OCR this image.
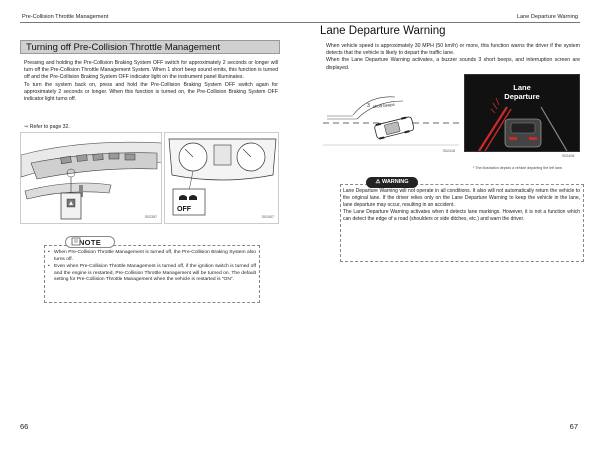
Pre-Collision Throttle Management
Turning off Pre-Collision Throttle Management
Pressing and holding the Pre-Collision Braking System OFF switch for approximately 2 seconds or longer will turn off the Pre-Collision Throttle Management System. When 1 short beep sound emits, this function is turned off and the Pre-Collision Braking System OFF indicator light on the instrument panel illuminates.
To turn the system back on, press and hold the Pre-Collision Braking System OFF switch again for approximately 2 seconds or longer. When this function is turned on, the Pre-Collision Braking System OFF indicator light turns off.
⇒ Refer to page 32.
S02357
OFF
S02407
NOTE
• When Pre-Collision Throttle Management is turned off, the Pre-Collision Braking System also turns off.
• Even when Pre-Collision Throttle Management is turned off, if the ignition switch is turned off and the engine is restarted, Pre-Collision Throttle Management will be turned on. The default setting for Pre-Collision Throttle Management when the vehicle is restarted is “ON”.
66
Lane Departure Warning
Lane Departure Warning
When vehicle speed is approximately 30 MPH (50 km/h) or more, this function warns the driver if the system detects that the vehicle is likely to depart the traffic lane.
When the Lane Departure Warning activates, a buzzer sounds 3 short beeps, and interruption screen are displayed.
3 short beeps
S02418
Lane
Departure
S02408
* The illustration depicts a vehicle departing the left lane.
⚠ WARNING
Lane Departure Warning will not operate in all conditions. It also will not automatically return the vehicle to the original lane. If the driver relies only on the Lane Departure Warning to keep the vehicle in the lane, lane departure may occur, resulting in an accident.
The Lane Departure Warning activates when it detects lane markings. However, it is not a function which can detect the edge of a road (shoulders or side ditches, etc.) and warn the driver.
67
